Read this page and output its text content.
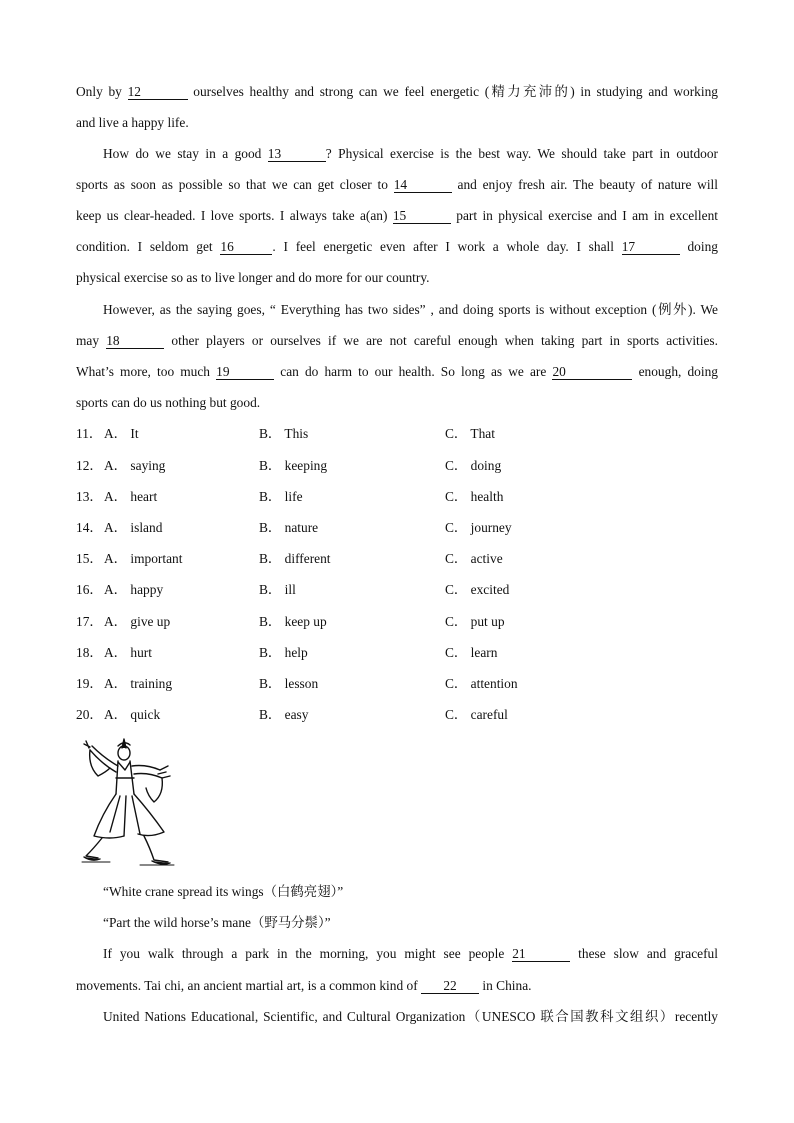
Only by 12	ourselves healthy and strong can we feel energetic (精力充沛的) in studying and working
and live a happy life.
How do we stay in a good 13	? Physical exercise is the best way. We should take part in outdoor
sports as soon as possible so that we can get closer to 14	and enjoy fresh air. The beauty of nature will
keep us clear-headed. I love sports. I always take a(an) 15	part in physical exercise and I am in excellent
condition. I seldom get 16	. I feel energetic even after I work a whole day. I shall 17	doing
physical exercise so as to live longer and do more for our country.
However, as the saying goes, “ Everything has two sides” , and doing sports is without exception (例外). We
may 18	other players or ourselves if we are not careful enough when taking part in sports activities.
What’s more, too much 19	can do harm to our health. So long as we are 20	enough, doing
sports can do us nothing but good.
11． A． It	B． This	C． That
12． A． saying	B． keeping	C． doing
13． A． heart	B． life	C． health
14． A． island	B． nature	C． journey
15． A． important	B． different	C． active
16． A． happy	B． ill	C． excited
17． A． give up	B． keep up	C． put up
18． A． hurt	B． help	C． learn
19． A． training	B． lesson	C． attention
20． A． quick	B． easy	C． careful
“White crane spread its wings（白鹤亮翅）”
“Part the wild horse’s mane（野马分鬃）”
If you walk through a park in the morning, you might see people 21	these slow and graceful
movements. Tai chi, an ancient martial art, is a common kind of 22 in China.
United Nations Educational, Scientific, and Cultural Organization（UNESCO 联合国教科文组织）recently
